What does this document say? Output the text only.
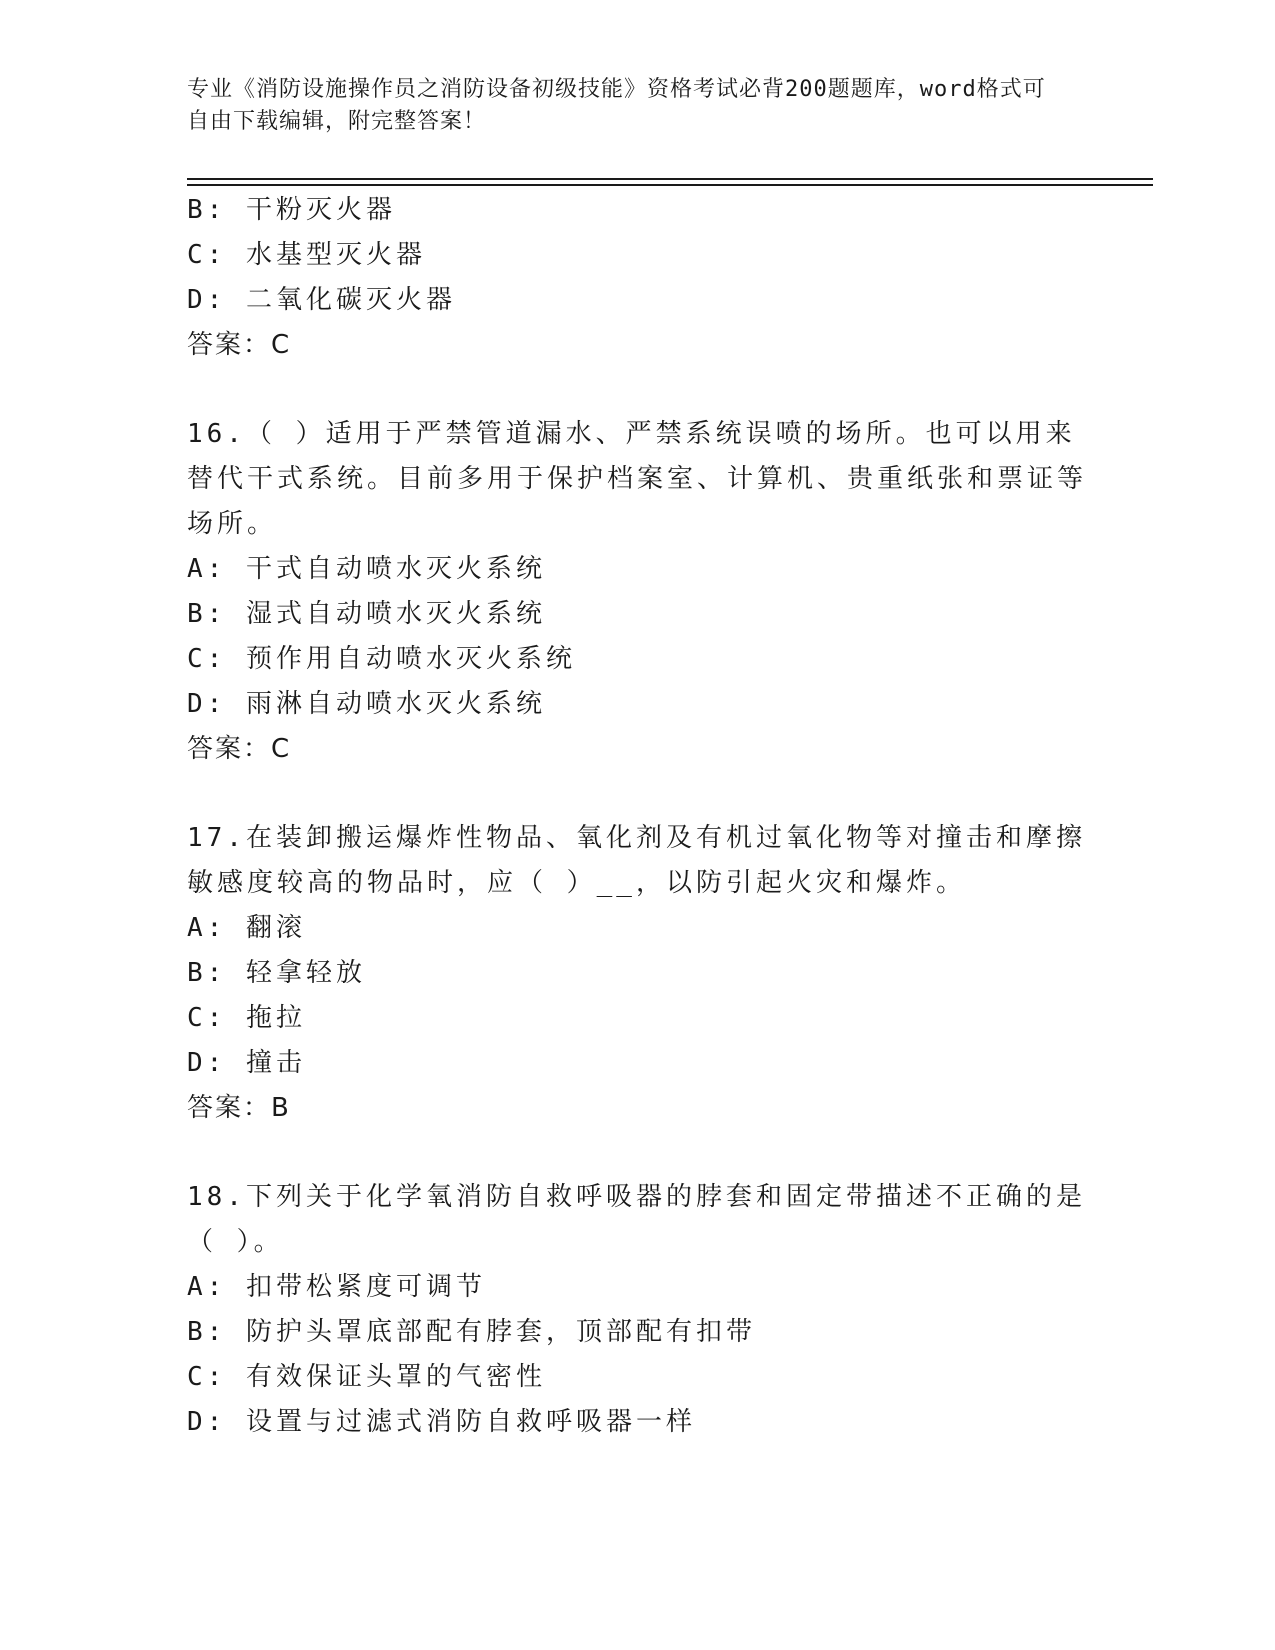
专业《消防设施操作员之消防设备初级技能》资格考试必背200题题库，word格式可自由下载编辑，附完整答案！
B: 干粉灭火器
C: 水基型灭火器
D: 二氧化碳灭火器
答案：C
16.（ ）适用于严禁管道漏水、严禁系统误喷的场所。也可以用来替代干式系统。目前多用于保护档案室、计算机、贵重纸张和票证等场所。
A: 干式自动喷水灭火系统
B: 湿式自动喷水灭火系统
C: 预作用自动喷水灭火系统
D: 雨淋自动喷水灭火系统
答案：C
17.在装卸搬运爆炸性物品、氧化剂及有机过氧化物等对撞击和摩擦敏感度较高的物品时，应（ ）__，以防引起火灾和爆炸。
A: 翻滚
B: 轻拿轻放
C: 拖拉
D: 撞击
答案：B
18.下列关于化学氧消防自救呼吸器的脖套和固定带描述不正确的是（ ）。
A: 扣带松紧度可调节
B: 防护头罩底部配有脖套，顶部配有扣带
C: 有效保证头罩的气密性
D: 设置与过滤式消防自救呼吸器一样
